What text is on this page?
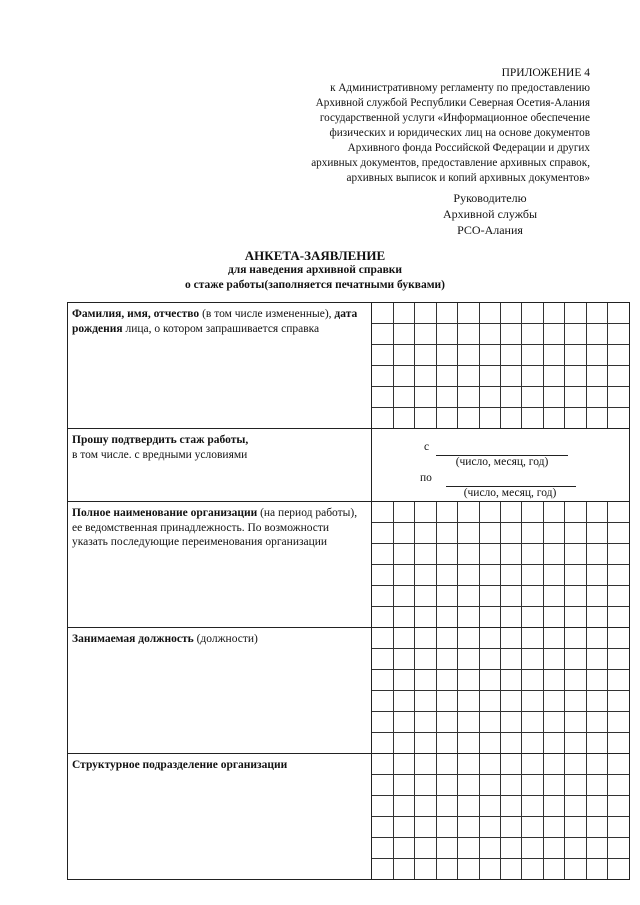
ПРИЛОЖЕНИЕ 4
к Административному регламенту по предоставлению
Архивной службой Республики Северная Осетия-Алания
государственной услуги «Информационное обеспечение
физических и юридических лиц на основе документов
Архивного фонда Российской Федерации и других
архивных документов, предоставление архивных справок,
архивных выписок и копий архивных документов»
Руководителю
Архивной службы
РСО-Алания
АНКЕТА-ЗАЯВЛЕНИЕ
для наведения архивной справки
о стаже работы(заполняется печатными буквами)
Фамилия, имя, отчество (в том числе измененные), дата рождения лица, о котором запрашивается справка	

Прошу подтвердить стаж работы,
в том числе. с вредными условиями	
с
(число, месяц, год)
по
(число, месяц, год)

Полное наименование организации (на период работы), ее ведомственная принадлежность. По возможности указать последующие переименования организации	

Занимаемая должность (должности)	

Структурное подразделение организации	
